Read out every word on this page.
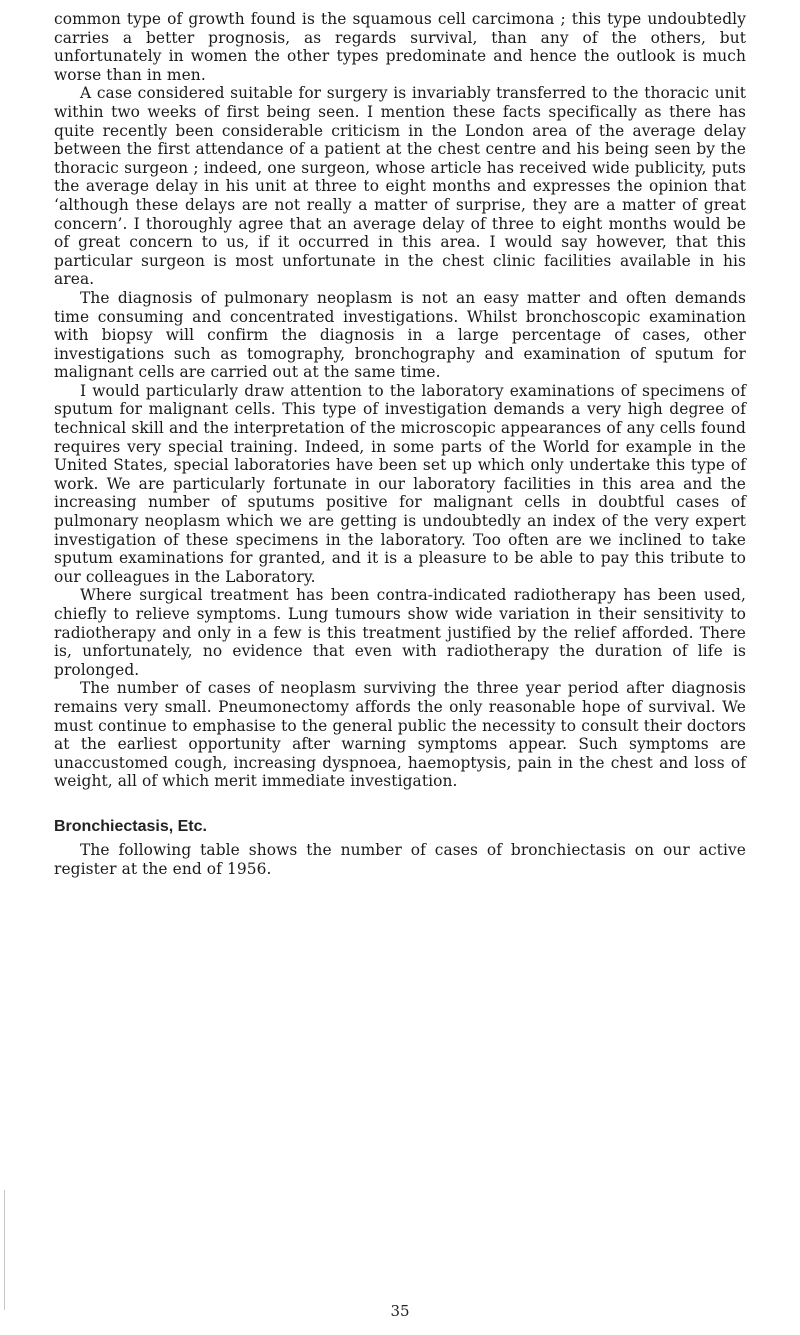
common type of growth found is the squamous cell carcimona ; this type undoubtedly carries a better prognosis, as regards survival, than any of the others, but unfortunately in women the other types predominate and hence the outlook is much worse than in men.

A case considered suitable for surgery is invariably transferred to the thoracic unit within two weeks of first being seen. I mention these facts specifically as there has quite recently been considerable criticism in the London area of the average delay between the first attendance of a patient at the chest centre and his being seen by the thoracic surgeon ; indeed, one surgeon, whose article has received wide publicity, puts the average delay in his unit at three to eight months and expresses the opinion that ‘although these delays are not really a matter of surprise, they are a matter of great concern’. I thoroughly agree that an average delay of three to eight months would be of great concern to us, if it occurred in this area. I would say however, that this particular surgeon is most unfortunate in the chest clinic facilities available in his area.

The diagnosis of pulmonary neoplasm is not an easy matter and often demands time consuming and concentrated investigations. Whilst bronchoscopic examination with biopsy will confirm the diagnosis in a large percentage of cases, other investigations such as tomography, bronchography and examination of sputum for malignant cells are carried out at the same time.

I would particularly draw attention to the laboratory examinations of specimens of sputum for malignant cells. This type of investigation demands a very high degree of technical skill and the interpretation of the microscopic appearances of any cells found requires very special training. Indeed, in some parts of the World for example in the United States, special laboratories have been set up which only undertake this type of work. We are particularly fortunate in our laboratory facilities in this area and the increasing number of sputums positive for malignant cells in doubtful cases of pulmonary neoplasm which we are getting is undoubtedly an index of the very expert investigation of these specimens in the laboratory. Too often are we inclined to take sputum examinations for granted, and it is a pleasure to be able to pay this tribute to our colleagues in the Laboratory.

Where surgical treatment has been contra-indicated radiotherapy has been used, chiefly to relieve symptoms. Lung tumours show wide variation in their sensitivity to radiotherapy and only in a few is this treatment justified by the relief afforded. There is, unfortunately, no evidence that even with radiotherapy the duration of life is prolonged.

The number of cases of neoplasm surviving the three year period after diagnosis remains very small. Pneumonectomy affords the only reasonable hope of survival. We must continue to emphasise to the general public the necessity to consult their doctors at the earliest opportunity after warning symptoms appear. Such symptoms are unaccustomed cough, increasing dyspnoea, haemoptysis, pain in the chest and loss of weight, all of which merit immediate investigation.

Bronchiectasis, Etc.

The following table shows the number of cases of bronchiectasis on our active register at the end of 1956.

35
